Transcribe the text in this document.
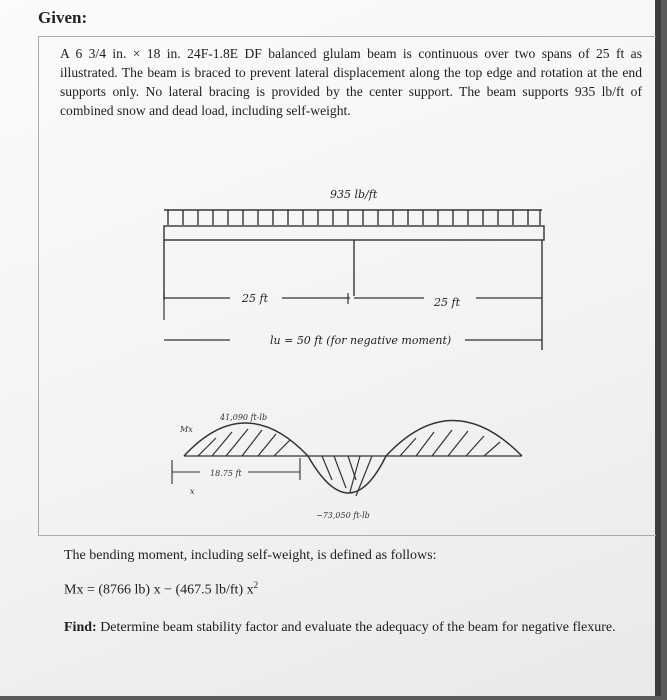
Given:
A 6 3/4 in. × 18 in. 24F-1.8E DF balanced glulam beam is continuous over two spans of 25 ft as illustrated. The beam is braced to prevent lateral displacement along the top edge and rotation at the end supports only. No lateral bracing is provided by the center support. The beam supports 935 lb/ft of combined snow and dead load, including self-weight.
935 lb/ft
25 ft	25 ft
lu = 50 ft (for negative moment)
41,090 ft-lb
Mx
18.75 ft
x
−73,050 ft-lb
The bending moment, including self-weight, is defined as follows:
Mx = (8766 lb) x − (467.5 lb/ft) $x^2$
Find: Determine beam stability factor and evaluate the adequacy of the beam for negative flexure.
